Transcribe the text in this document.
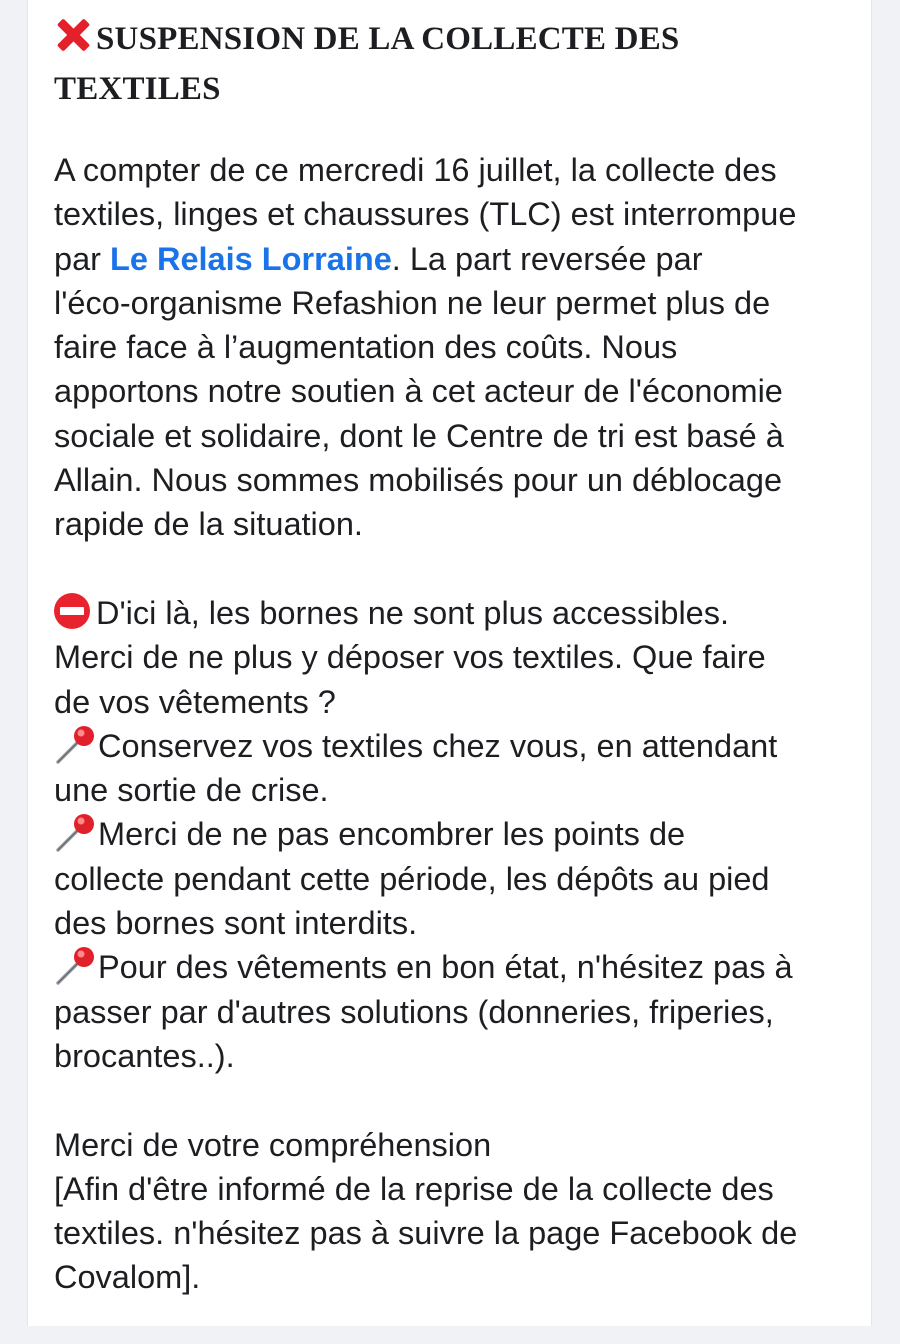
SUSPENSION DE LA COLLECTE DES
TEXTILES
A compter de ce mercredi 16 juillet, la collecte des
textiles, linges et chaussures (TLC) est interrompue
par Le Relais Lorraine. La part reversée par
l'éco-organisme Refashion ne leur permet plus de
faire face à l’augmentation des coûts. Nous
apportons notre soutien à cet acteur de l'économie
sociale et solidaire, dont le Centre de tri est basé à
Allain. Nous sommes mobilisés pour un déblocage
rapide de la situation.
D'ici là, les bornes ne sont plus accessibles.
Merci de ne plus y déposer vos textiles. Que faire
de vos vêtements ?
Conservez vos textiles chez vous, en attendant
une sortie de crise.
Merci de ne pas encombrer les points de
collecte pendant cette période, les dépôts au pied
des bornes sont interdits.
Pour des vêtements en bon état, n'hésitez pas à
passer par d'autres solutions (donneries, friperies,
brocantes..).
Merci de votre compréhension
[Afin d'être informé de la reprise de la collecte des
textiles. n'hésitez pas à suivre la page Facebook de
Covalom].
